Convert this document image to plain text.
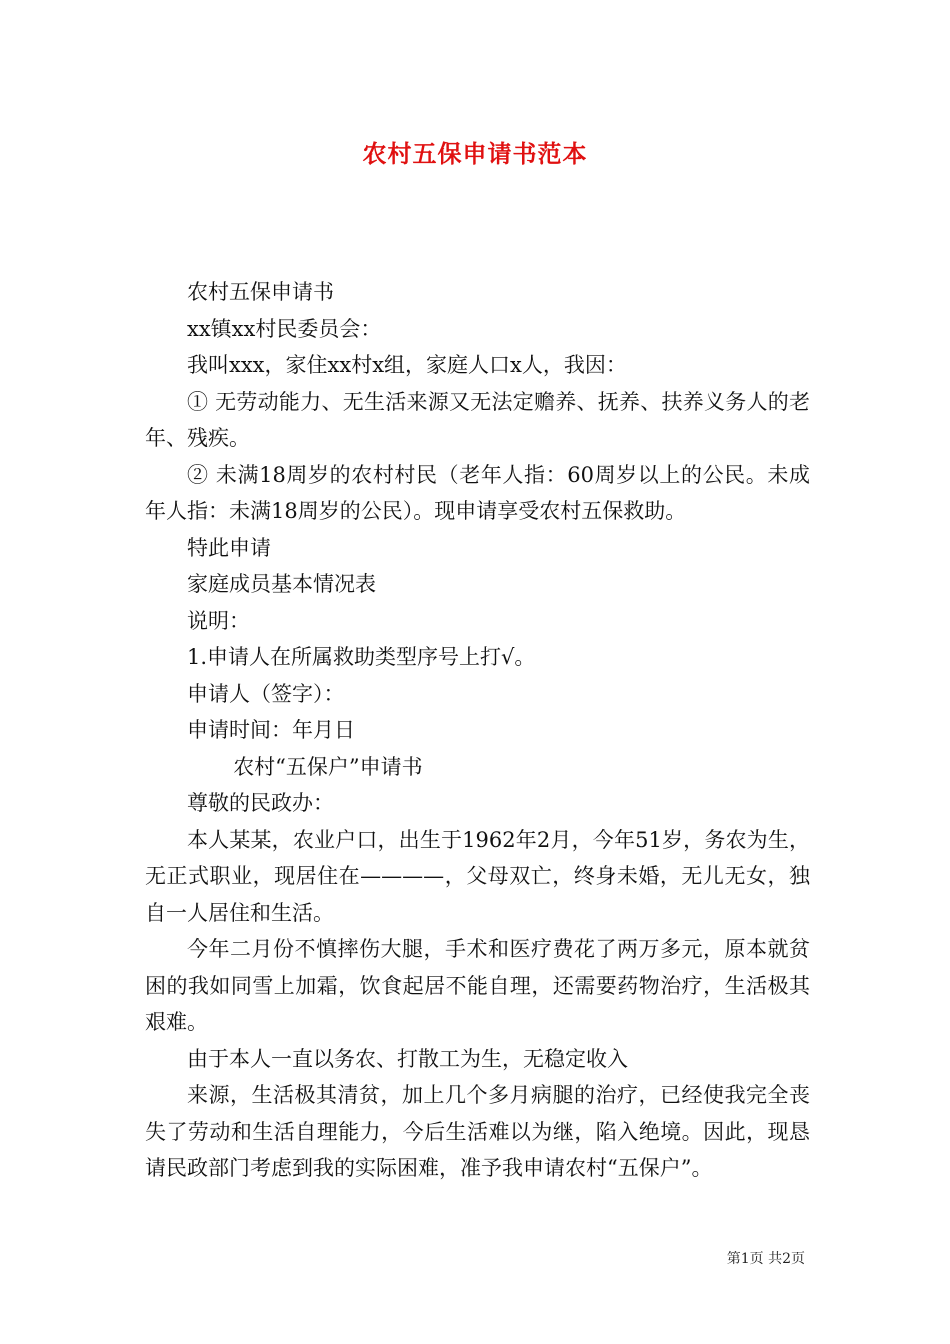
农村五保申请书范本

农村五保申请书

xx镇xx村民委员会：

我叫xxx，家住xx村x组，家庭人口x人，我因：

① 无劳动能力、无生活来源又无法定赡养、抚养、扶养义务人的老年、残疾。

② 未满18周岁的农村村民（老年人指：60周岁以上的公民。未成年人指：未满18周岁的公民）。现申请享受农村五保救助。

特此申请

家庭成员基本情况表

说明：

1.申请人在所属救助类型序号上打√。

申请人（签字）：

申请时间：年月日

农村“五保户”申请书

尊敬的民政办：

本人某某，农业户口，出生于1962年2月，今年51岁，务农为生，无正式职业，现居住在————，父母双亡，终身未婚，无儿无女，独自一人居住和生活。

今年二月份不慎摔伤大腿，手术和医疗费花了两万多元，原本就贫困的我如同雪上加霜，饮食起居不能自理，还需要药物治疗，生活极其艰难。

由于本人一直以务农、打散工为生，无稳定收入

来源，生活极其清贫，加上几个多月病腿的治疗，已经使我完全丧失了劳动和生活自理能力，今后生活难以为继，陷入绝境。因此，现恳请民政部门考虑到我的实际困难，准予我申请农村“五保户”。

第1页 共2页
